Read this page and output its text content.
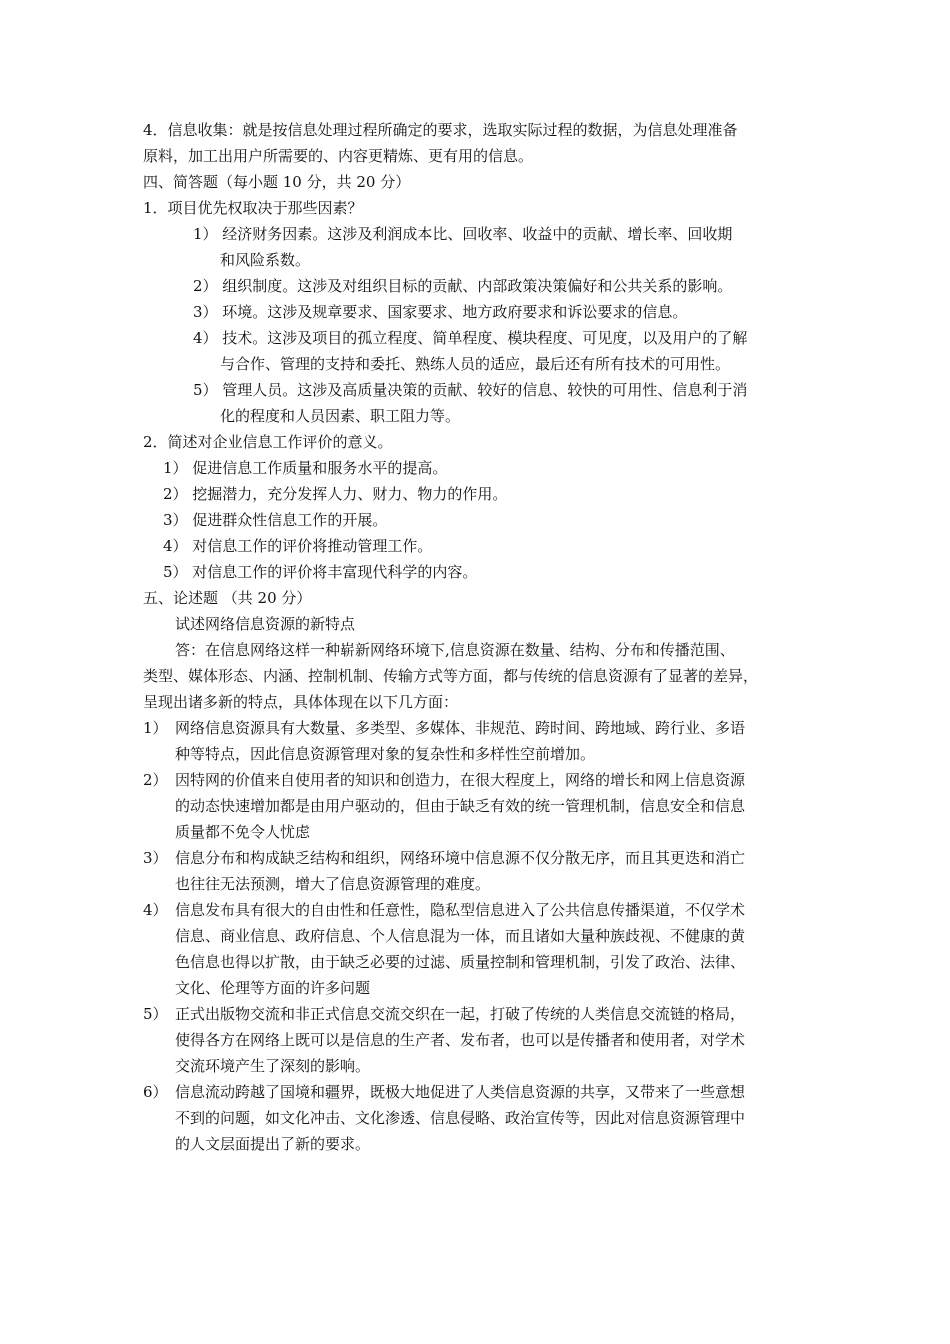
4．信息收集：就是按信息处理过程所确定的要求，选取实际过程的数据，为信息处理准备
原料，加工出用户所需要的、内容更精炼、更有用的信息。
四、简答题（每小题 10 分，共 20 分）
1．项目优先权取决于那些因素？
1） 经济财务因素。这涉及利润成本比、回收率、收益中的贡献、增长率、回收期
和风险系数。
2） 组织制度。这涉及对组织目标的贡献、内部政策决策偏好和公共关系的影响。
3） 环境。这涉及规章要求、国家要求、地方政府要求和诉讼要求的信息。
4） 技术。这涉及项目的孤立程度、简单程度、模块程度、可见度，以及用户的了解
与合作、管理的支持和委托、熟练人员的适应，最后还有所有技术的可用性。
5） 管理人员。这涉及高质量决策的贡献、较好的信息、较快的可用性、信息利于消
化的程度和人员因素、职工阻力等。
2．简述对企业信息工作评价的意义。
1） 促进信息工作质量和服务水平的提高。
2） 挖掘潜力，充分发挥人力、财力、物力的作用。
3） 促进群众性信息工作的开展。
4） 对信息工作的评价将推动管理工作。
5） 对信息工作的评价将丰富现代科学的内容。
五、论述题 （共 20 分）
试述网络信息资源的新特点
答：在信息网络这样一种崭新网络环境下,信息资源在数量、结构、分布和传播范围、
类型、媒体形态、内涵、控制机制、传输方式等方面，都与传统的信息资源有了显著的差异，
呈现出诸多新的特点，具体体现在以下几方面：
1） 网络信息资源具有大数量、多类型、多媒体、非规范、跨时间、跨地域、跨行业、多语
种等特点，因此信息资源管理对象的复杂性和多样性空前增加。
2） 因特网的价值来自使用者的知识和创造力，在很大程度上，网络的增长和网上信息资源
的动态快速增加都是由用户驱动的，但由于缺乏有效的统一管理机制，信息安全和信息
质量都不免令人忧虑
3） 信息分布和构成缺乏结构和组织，网络环境中信息源不仅分散无序，而且其更迭和消亡
也往往无法预测，增大了信息资源管理的难度。
4） 信息发布具有很大的自由性和任意性，隐私型信息进入了公共信息传播渠道，不仅学术
信息、商业信息、政府信息、个人信息混为一体，而且诸如大量种族歧视、不健康的黄
色信息也得以扩散，由于缺乏必要的过滤、质量控制和管理机制，引发了政治、法律、
文化、伦理等方面的许多问题
5） 正式出版物交流和非正式信息交流交织在一起，打破了传统的人类信息交流链的格局，
使得各方在网络上既可以是信息的生产者、发布者，也可以是传播者和使用者，对学术
交流环境产生了深刻的影响。
6） 信息流动跨越了国境和疆界，既极大地促进了人类信息资源的共享，又带来了一些意想
不到的问题，如文化冲击、文化渗透、信息侵略、政治宣传等，因此对信息资源管理中
的人文层面提出了新的要求。
